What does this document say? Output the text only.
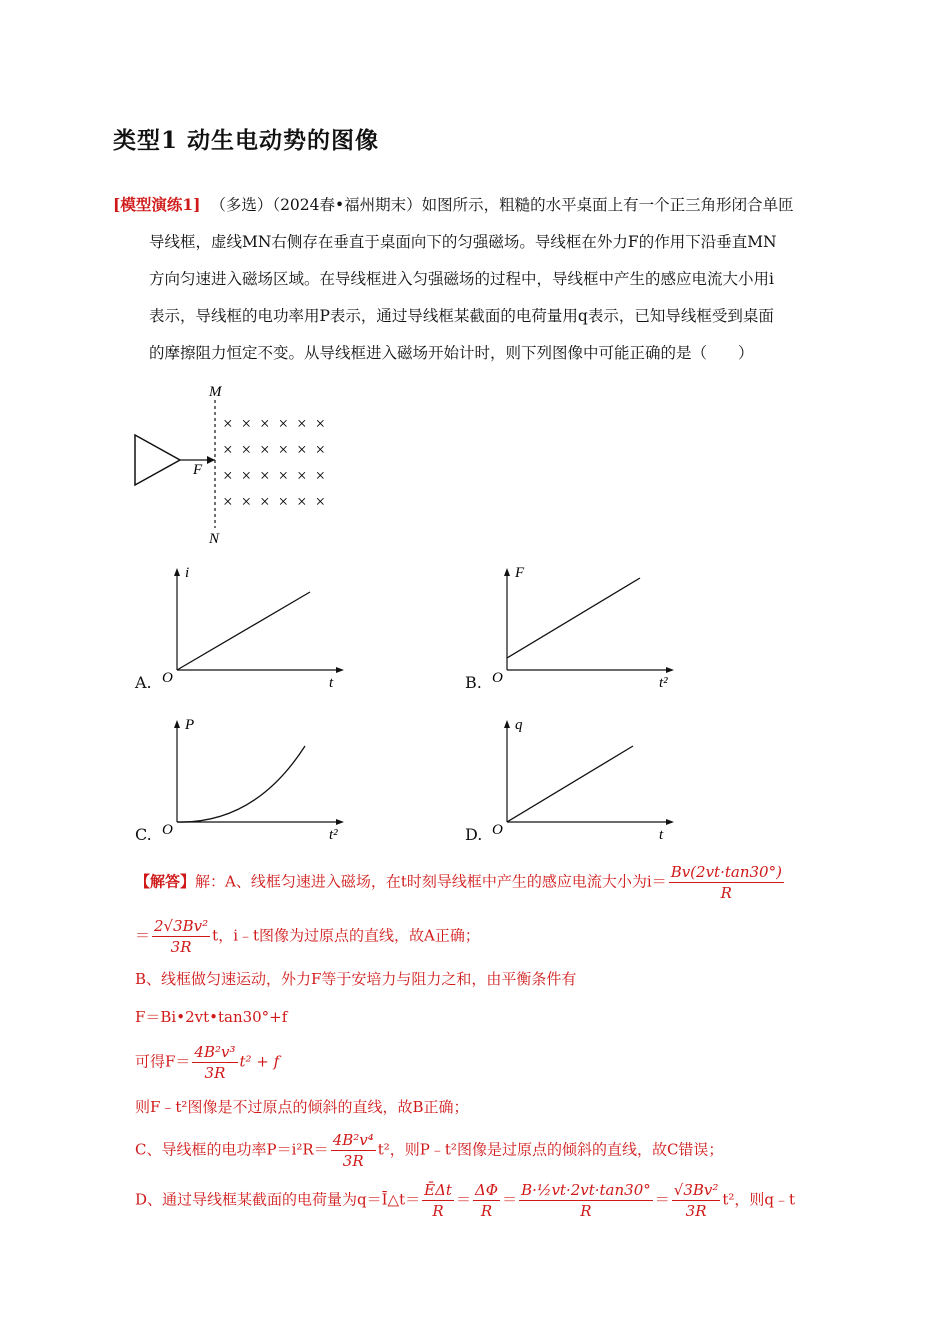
类型1 动生电动势的图像
[模型演练1] （多选）（2024春•福州期末）如图所示，粗糙的水平桌面上有一个正三角形闭合单匝
导线框，虚线MN右侧存在垂直于桌面向下的匀强磁场。导线框在外力F的作用下沿垂直MN
方向匀速进入磁场区域。在导线框进入匀强磁场的过程中，导线框中产生的感应电流大小用i
表示，导线框的电功率用P表示，通过导线框某截面的电荷量用q表示，已知导线框受到桌面
的摩擦阻力恒定不变。从导线框进入磁场开始计时，则下列图像中可能正确的是（　　）
F
M
N
× × × × × ×
× × × × × ×
× × × × × ×
× × × × × ×
A.
i
t
O	B.
F
t²
O
C.
P
t²
O	D.
q
t
O
【解答】解：A、线框匀速进入磁场，在t时刻导线框中产生的感应电流大小为$i= \frac{Bv(2vt\cdot\tan 30^\circ)}{R}$
＝ $\frac{\text{2√3Bv²}}{3R}$ t，i﹣t图像为过原点的直线，故A正确；
B、线框做匀速运动，外力F等于安培力与阻力之和，由平衡条件有
F＝Bi•2vt•tan30°+f
可得$F= \frac{\text{4B²v³}}{3R} t^2 + f$
则F﹣t²图像是不过原点的倾斜的直线，故B正确；
C、导线框的电功率$P=i^2R= \frac{\text{4B²v⁴}}{3R} t^2$，则P﹣t²图像是过原点的倾斜的直线，故C错误；
D、通过导线框某截面的电荷量为q＝Ī△t＝ $\frac{\text{ĒΔt}}{R} = \frac{\Delta\Phi}{R} = \frac{\text{B·½vt·2vt·tan30°}}{R} = \frac{\text{√3Bv²}}{3R} t^2$，则q﹣t
